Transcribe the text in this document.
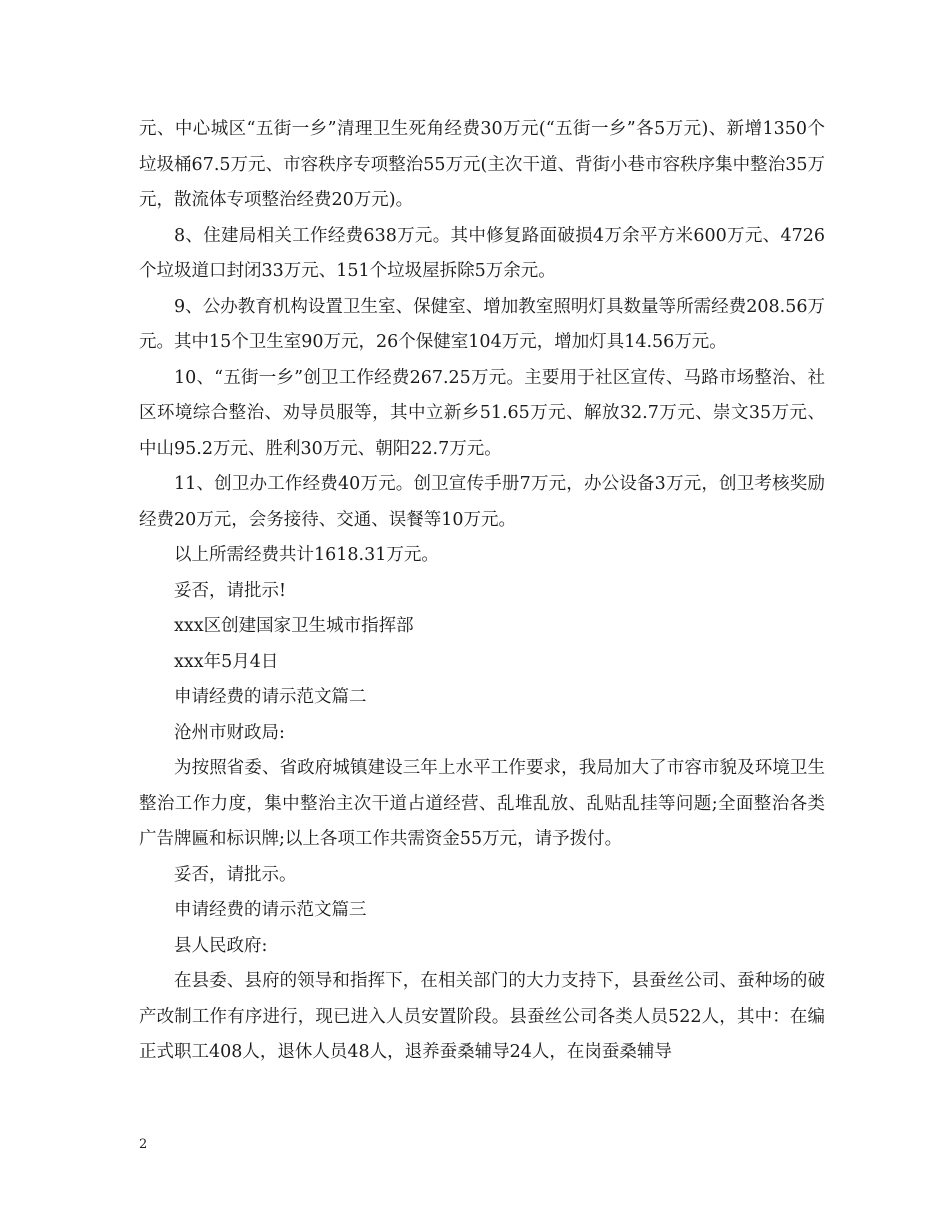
元、中心城区“五街一乡”清理卫生死角经费30万元(“五街一乡”各5万元)、新增1350个垃圾桶67.5万元、市容秩序专项整治55万元(主次干道、背街小巷市容秩序集中整治35万元，散流体专项整治经费20万元)。

8、住建局相关工作经费638万元。其中修复路面破损4万余平方米600万元、4726个垃圾道口封闭33万元、151个垃圾屋拆除5万余元。

9、公办教育机构设置卫生室、保健室、增加教室照明灯具数量等所需经费208.56万元。其中15个卫生室90万元，26个保健室104万元，增加灯具14.56万元。

10、“五街一乡”创卫工作经费267.25万元。主要用于社区宣传、马路市场整治、社区环境综合整治、劝导员服等，其中立新乡51.65万元、解放32.7万元、崇文35万元、中山95.2万元、胜利30万元、朝阳22.7万元。

11、创卫办工作经费40万元。创卫宣传手册7万元，办公设备3万元，创卫考核奖励经费20万元，会务接待、交通、误餐等10万元。

以上所需经费共计1618.31万元。

妥否，请批示!

xxx区创建国家卫生城市指挥部

xxx年5月4日

申请经费的请示范文篇二

沧州市财政局:

为按照省委、省政府城镇建设三年上水平工作要求，我局加大了市容市貌及环境卫生整治工作力度，集中整治主次干道占道经营、乱堆乱放、乱贴乱挂等问题;全面整治各类广告牌匾和标识牌;以上各项工作共需资金55万元，请予拨付。

妥否，请批示。

申请经费的请示范文篇三

县人民政府:

在县委、县府的领导和指挥下，在相关部门的大力支持下，县蚕丝公司、蚕种场的破产改制工作有序进行，现已进入人员安置阶段。县蚕丝公司各类人员522人，其中：在编正式职工408人，退休人员48人，退养蚕桑辅导24人，在岗蚕桑辅导

2
